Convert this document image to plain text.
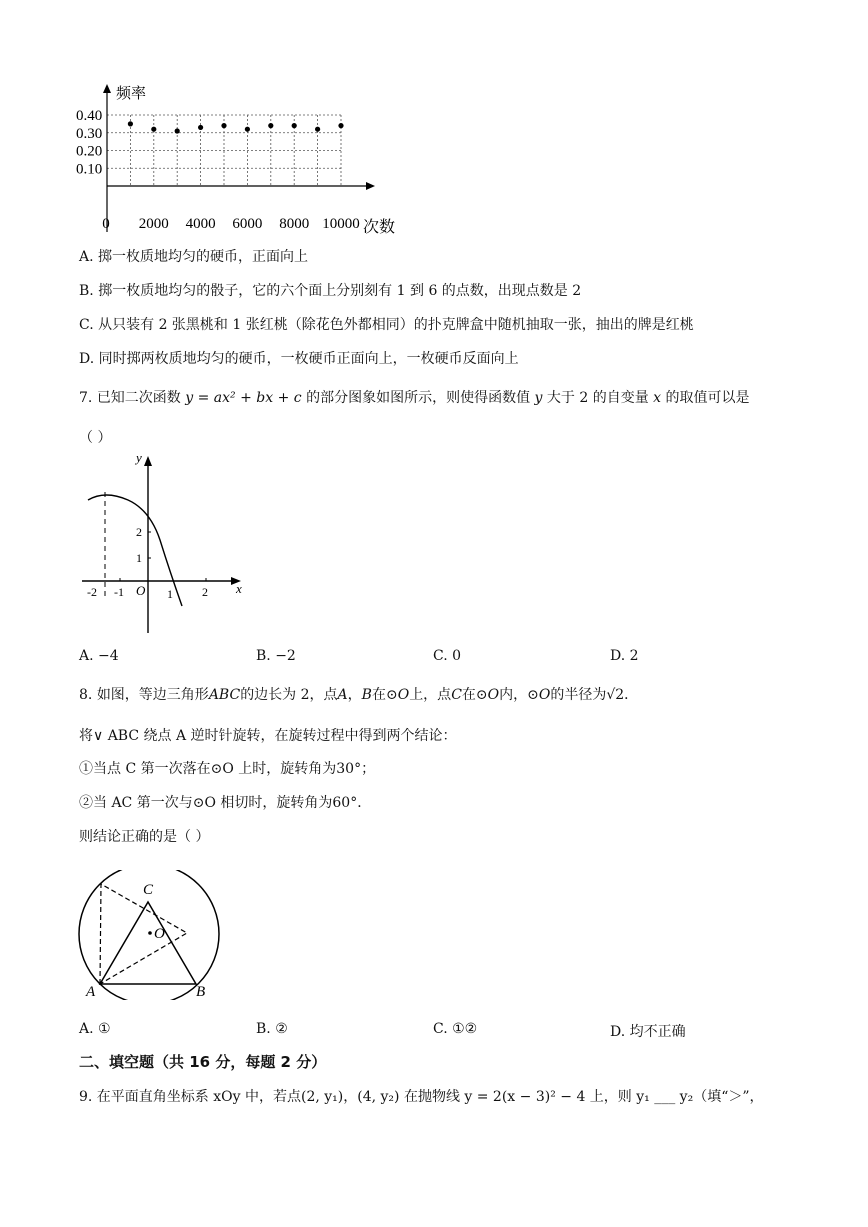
频率
次数
0.40
0.30
0.20
0.10
0 2000 4000 6000 8000 10000
A. 掷一枚质地均匀的硬币，正面向上
B. 掷一枚质地均匀的骰子，它的六个面上分别刻有 1 到 6 的点数，出现点数是 2
C. 从只装有 2 张黑桃和 1 张红桃（除花色外都相同）的扑克牌盒中随机抽取一张，抽出的牌是红桃
D. 同时掷两枚质地均匀的硬币，一枚硬币正面向上，一枚硬币反面向上
7. 已知二次函数 y = ax² + bx + c 的部分图象如图所示，则使得函数值 y 大于 2 的自变量 x 的取值可以是
（ ）
y
x
O
-2 -1	1 2
1
2
A. −4	B. −2	C. 0	D. 2
8. 如图，等边三角形ABC的边长为 2，点A，B在⊙O上，点C在⊙O内，⊙O的半径为√2．
将∨ ABC 绕点 A 逆时针旋转，在旋转过程中得到两个结论：
①当点 C 第一次落在⊙O 上时，旋转角为30°；
②当 AC 第一次与⊙O 相切时，旋转角为60°．
则结论正确的是（ ）
C
O
A	B
A. ①	B. ②	C. ①②	D. 均不正确
二、填空题（共 16 分，每题 2 分）
9. 在平面直角坐标系 xOy 中，若点(2, y₁)，(4, y₂) 在抛物线 y = 2(x − 3)² − 4 上，则 y₁ ___ y₂（填“＞”，
